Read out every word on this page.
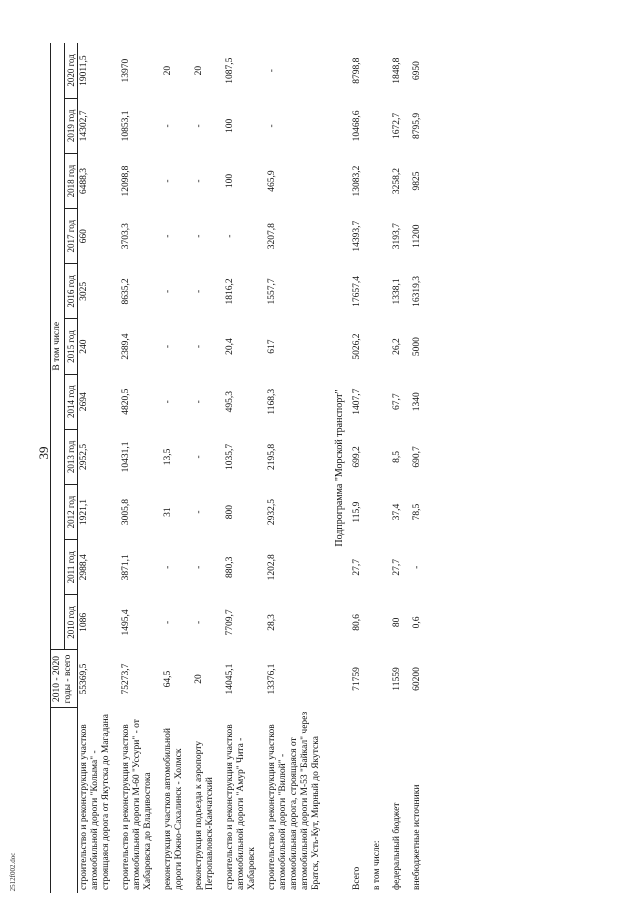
39
2512f002.doc
	2010 - 2020 годы - всего	В том числе										
		2010 год	2011 год	2012 год	2013 год	2014 год	2015 год	2016 год	2017 год	2018 год	2019 год	2020 год
строительство и реконструкция участков автомобильной дороги "Колыма" - строящаяся дорога от Якутска до Магадана	55369,5	1086	2988,4	1921,1	2952,5	2694	240	3025	660	6488,3	14302,7	19011,5
строительство и реконструкция участков автомобильной дороги М-60 "Уссури" - от Хабаровска до Владивостока	75273,7	1495,4	3871,1	3005,8	10431,1	4820,5	2389,4	8635,2	3703,3	12098,8	10853,1	13970
реконструкция участков автомобильной дороги Южно-Сахалинск - Холмск	64,5	-	-	31	13,5	-	-	-	-	-	-	20
реконструкция подъезда к аэропорту Петропавловск-Камчатский	20	-	-	-	-	-	-	-	-	-	-	20
строительство и реконструкция участков автомобильной дороги "Амур" Чита - Хабаровск	14045,1	7709,7	880,3	800	1035,7	495,3	20,4	1816,2	-	100	100	1087,5
строительство и реконструкция участков автомобильной дороги "Вилюй" - автомобильная дорога, строящаяся от автомобильной дороги М-53 "Байкал" через Братск, Усть-Кут, Мирный до Якутска	13376,1	28,3	1202,8	2932,5	2195,8	1168,3	617	1557,7	3207,8	465,9	-	-
Подпрограмма "Морской транспорт"												
Всего	71759	80,6	27,7	115,9	699,2	1407,7	5026,2	17657,4	14393,7	13083,2	10468,6	8798,8
в том числе:												
федеральный бюджет	11559	80	27,7	37,4	8,5	67,7	26,2	1338,1	3193,7	3258,2	1672,7	1848,8
внебюджетные источники	60200	0,6	-	78,5	690,7	1340	5000	16319,3	11200	9825	8795,9	6950
